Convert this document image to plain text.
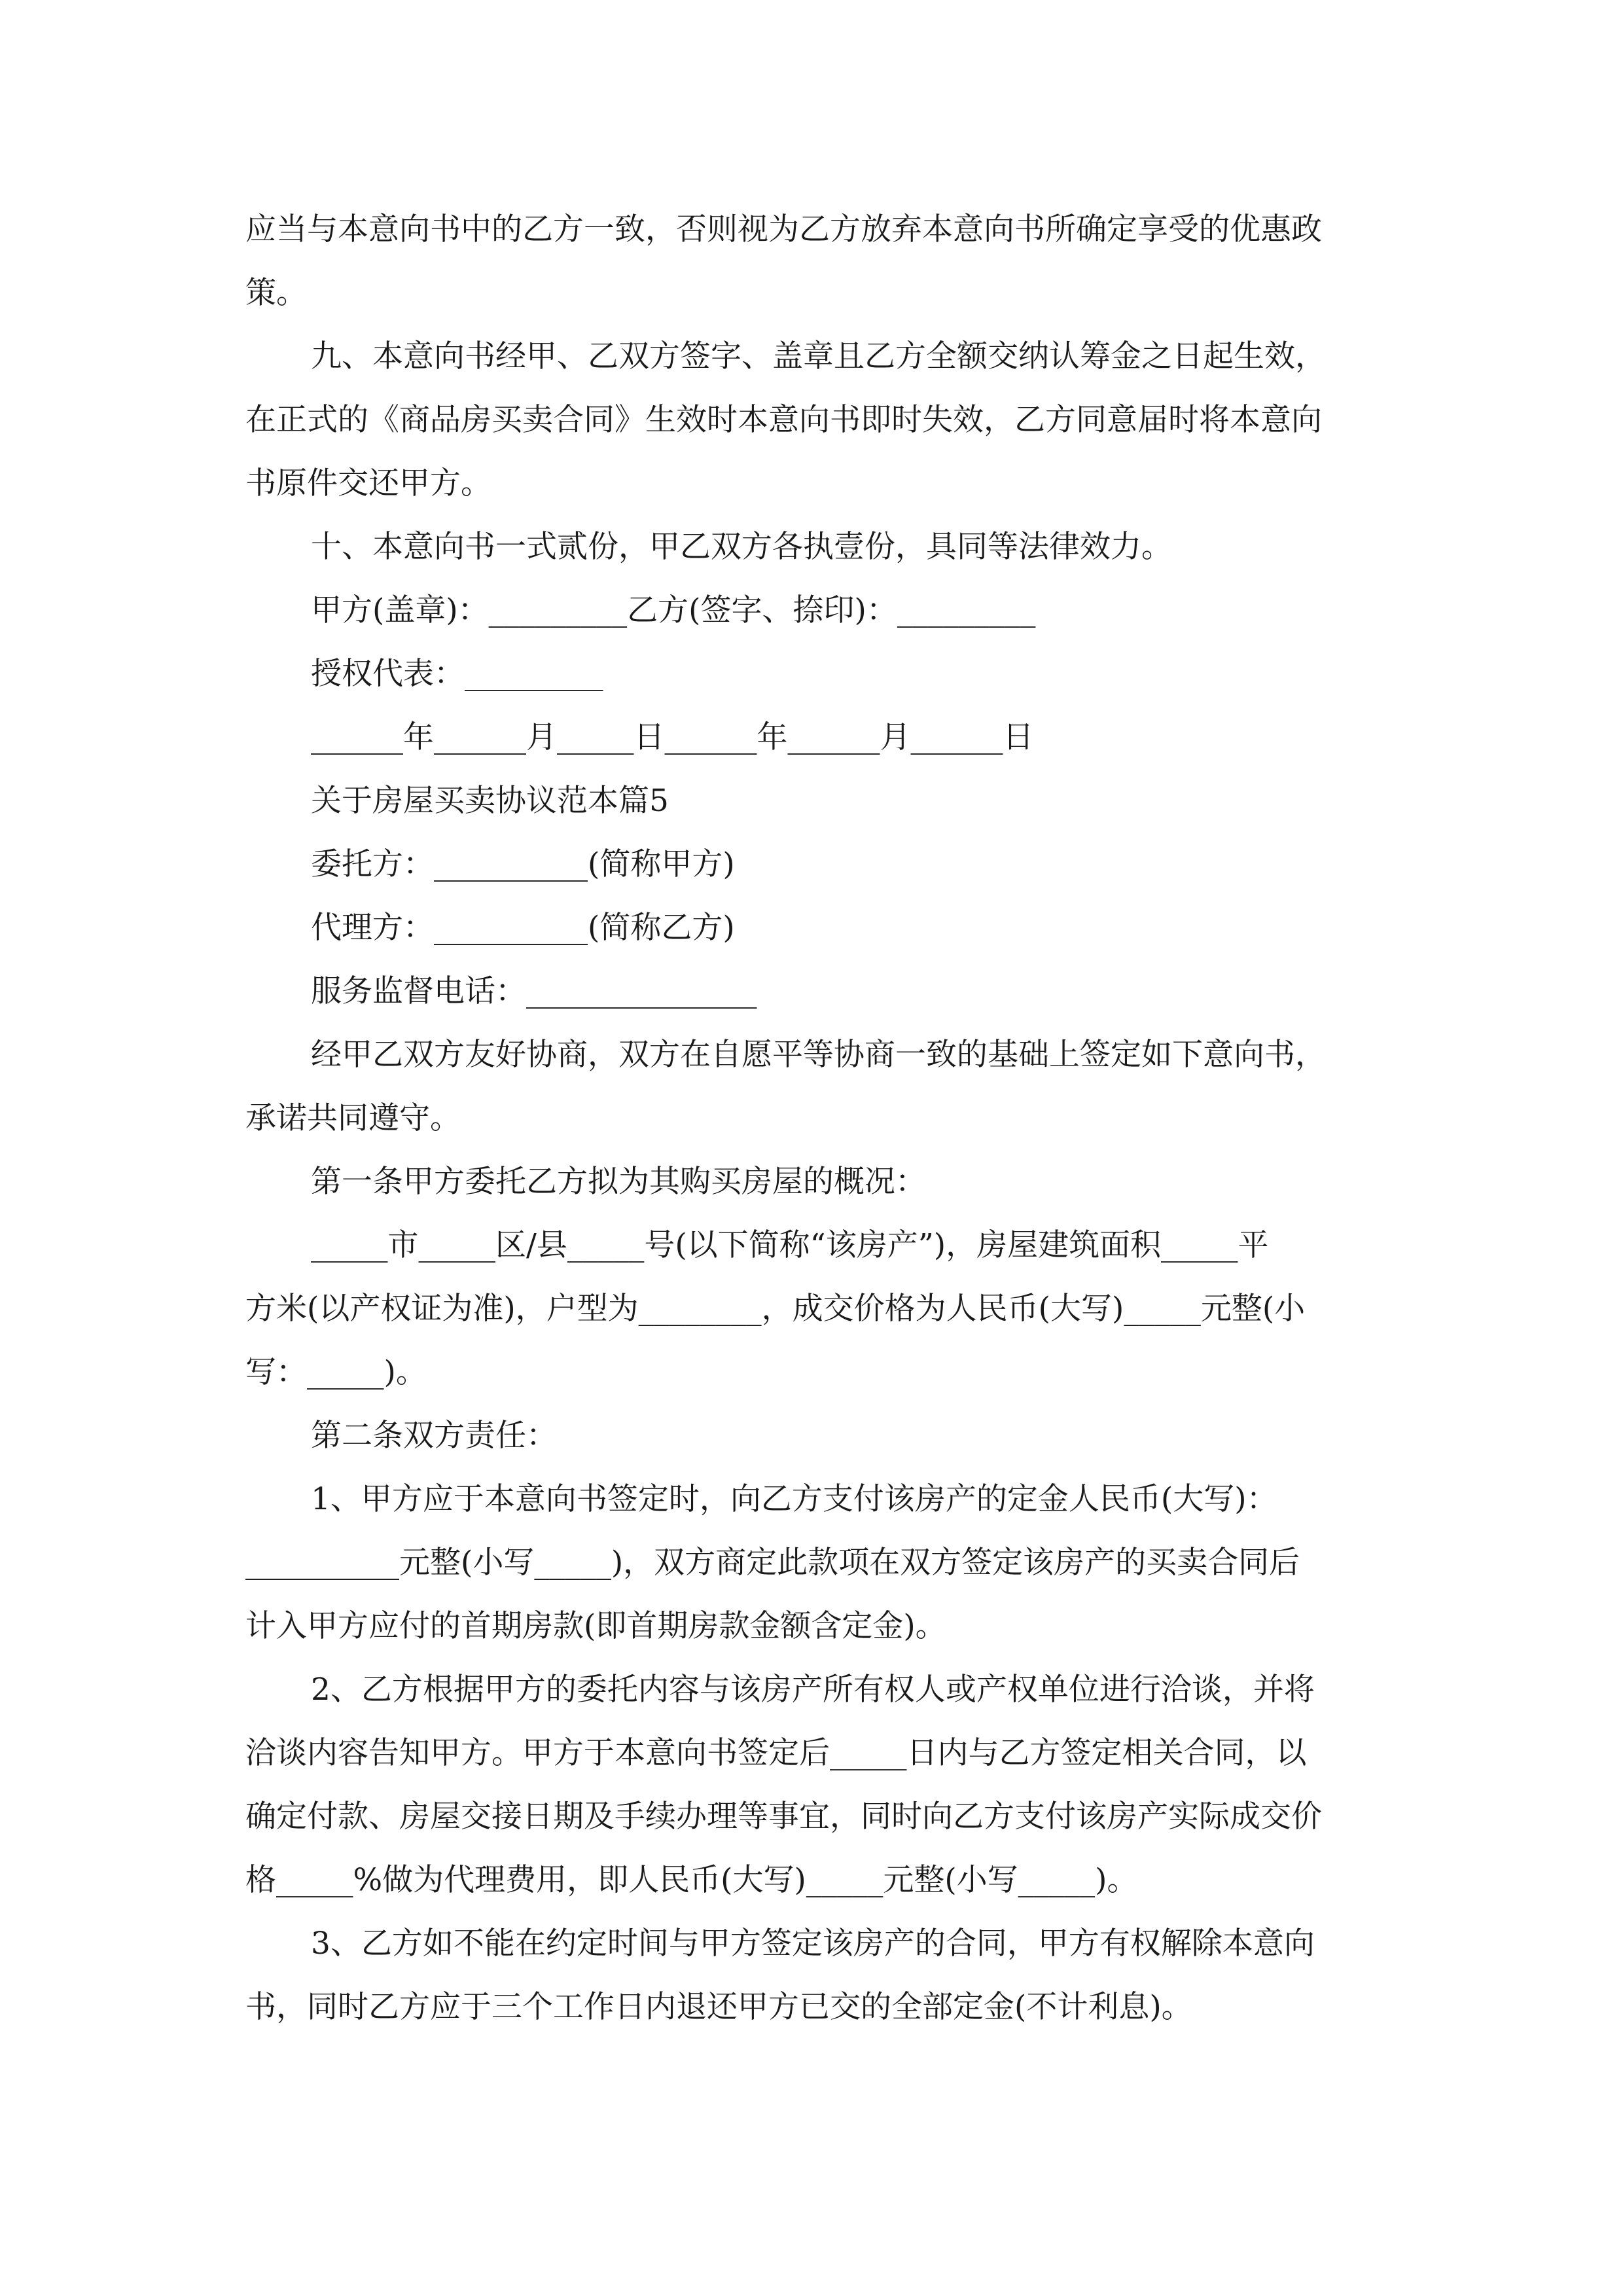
应当与本意向书中的乙方一致，否则视为乙方放弃本意向书所确定享受的优惠政
策。
九、本意向书经甲、乙双方签字、盖章且乙方全额交纳认筹金之日起生效，
在正式的《商品房买卖合同》生效时本意向书即时失效，乙方同意届时将本意向
书原件交还甲方。
十、本意向书一式贰份，甲乙双方各执壹份，具同等法律效力。
甲方(盖章)：_________乙方(签字、捺印)：_________
授权代表：_________
______年______月_____日______年______月______日
关于房屋买卖协议范本篇5
委托方：__________(简称甲方)
代理方：__________(简称乙方)
服务监督电话：_______________
经甲乙双方友好协商，双方在自愿平等协商一致的基础上签定如下意向书，
承诺共同遵守。
第一条甲方委托乙方拟为其购买房屋的概况：
_____市_____区/县_____号(以下简称“该房产”)，房屋建筑面积_____平
方米(以产权证为准)，户型为________，成交价格为人民币(大写)_____元整(小
写：_____)。
第二条双方责任：
1、甲方应于本意向书签定时，向乙方支付该房产的定金人民币(大写)：
__________元整(小写_____)，双方商定此款项在双方签定该房产的买卖合同后
计入甲方应付的首期房款(即首期房款金额含定金)。
2、乙方根据甲方的委托内容与该房产所有权人或产权单位进行洽谈，并将
洽谈内容告知甲方。甲方于本意向书签定后_____日内与乙方签定相关合同，以
确定付款、房屋交接日期及手续办理等事宜，同时向乙方支付该房产实际成交价
格_____%做为代理费用，即人民币(大写)_____元整(小写_____)。
3、乙方如不能在约定时间与甲方签定该房产的合同，甲方有权解除本意向
书，同时乙方应于三个工作日内退还甲方已交的全部定金(不计利息)。
